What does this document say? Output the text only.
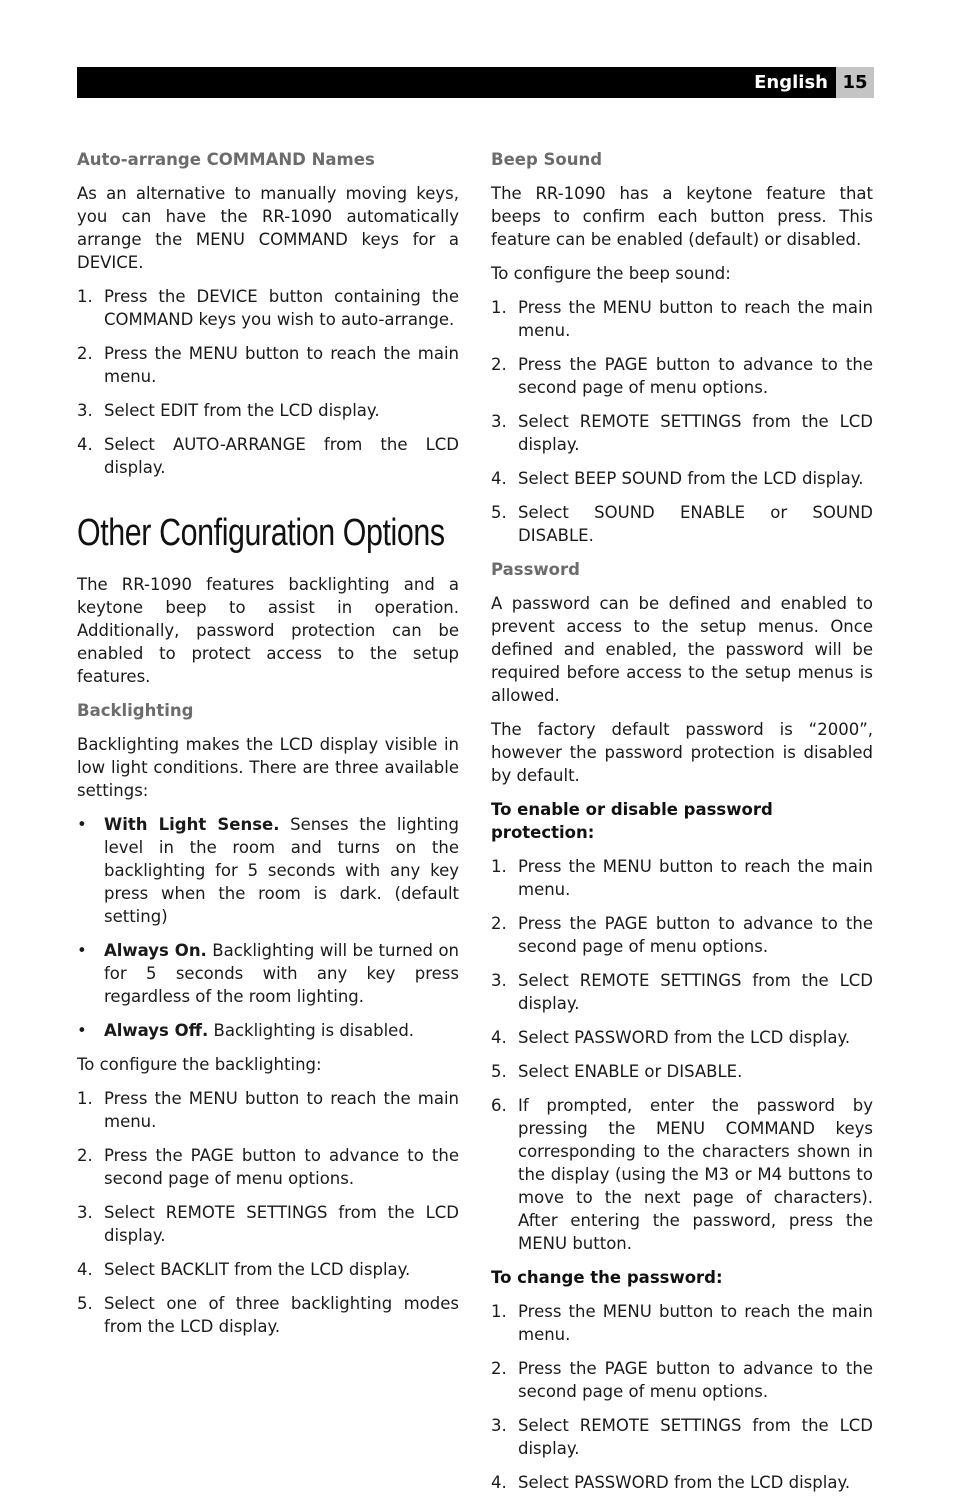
English 15
Auto-arrange COMMAND Names

As an alternative to manually moving keys, you can have the RR-1090 automatically arrange the MENU COMMAND keys for a DEVICE.

1. Press the DEVICE button containing the COMMAND keys you wish to auto-arrange.
2. Press the MENU button to reach the main menu.
3. Select EDIT from the LCD display.
4. Select AUTO-ARRANGE from the LCD display.
Other Configuration Options

The RR-1090 features backlighting and a keytone beep to assist in operation. Additionally, password protection can be enabled to protect access to the setup features.

Backlighting

Backlighting makes the LCD display visible in low light conditions. There are three available settings:

• With Light Sense. Senses the lighting level in the room and turns on the backlighting for 5 seconds with any key press when the room is dark. (default setting)
• Always On. Backlighting will be turned on for 5 seconds with any key press regardless of the room lighting.
• Always Off. Backlighting is disabled.

To configure the backlighting:

1. Press the MENU button to reach the main menu.
2. Press the PAGE button to advance to the second page of menu options.
3. Select REMOTE SETTINGS from the LCD display.
4. Select BACKLIT from the LCD display.
5. Select one of three backlighting modes from the LCD display.
Beep Sound

The RR-1090 has a keytone feature that beeps to confirm each button press. This feature can be enabled (default) or disabled.

To configure the beep sound:

1. Press the MENU button to reach the main menu.
2. Press the PAGE button to advance to the second page of menu options.
3. Select REMOTE SETTINGS from the LCD display.
4. Select BEEP SOUND from the LCD display.
5. Select SOUND ENABLE or SOUND DISABLE.
Password

A password can be defined and enabled to prevent access to the setup menus. Once defined and enabled, the password will be required before access to the setup menus is allowed.

The factory default password is “2000”, however the password protection is disabled by default.

To enable or disable password protection:
1. Press the MENU button to reach the main menu.
2. Press the PAGE button to advance to the second page of menu options.
3. Select REMOTE SETTINGS from the LCD display.
4. Select PASSWORD from the LCD display.
5. Select ENABLE or DISABLE.
6. If prompted, enter the password by pressing the MENU COMMAND keys corresponding to the characters shown in the display (using the M3 or M4 buttons to move to the next page of characters). After entering the password, press the MENU button.
To change the password:
1. Press the MENU button to reach the main menu.
2. Press the PAGE button to advance to the second page of menu options.
3. Select REMOTE SETTINGS from the LCD display.
4. Select PASSWORD from the LCD display.
